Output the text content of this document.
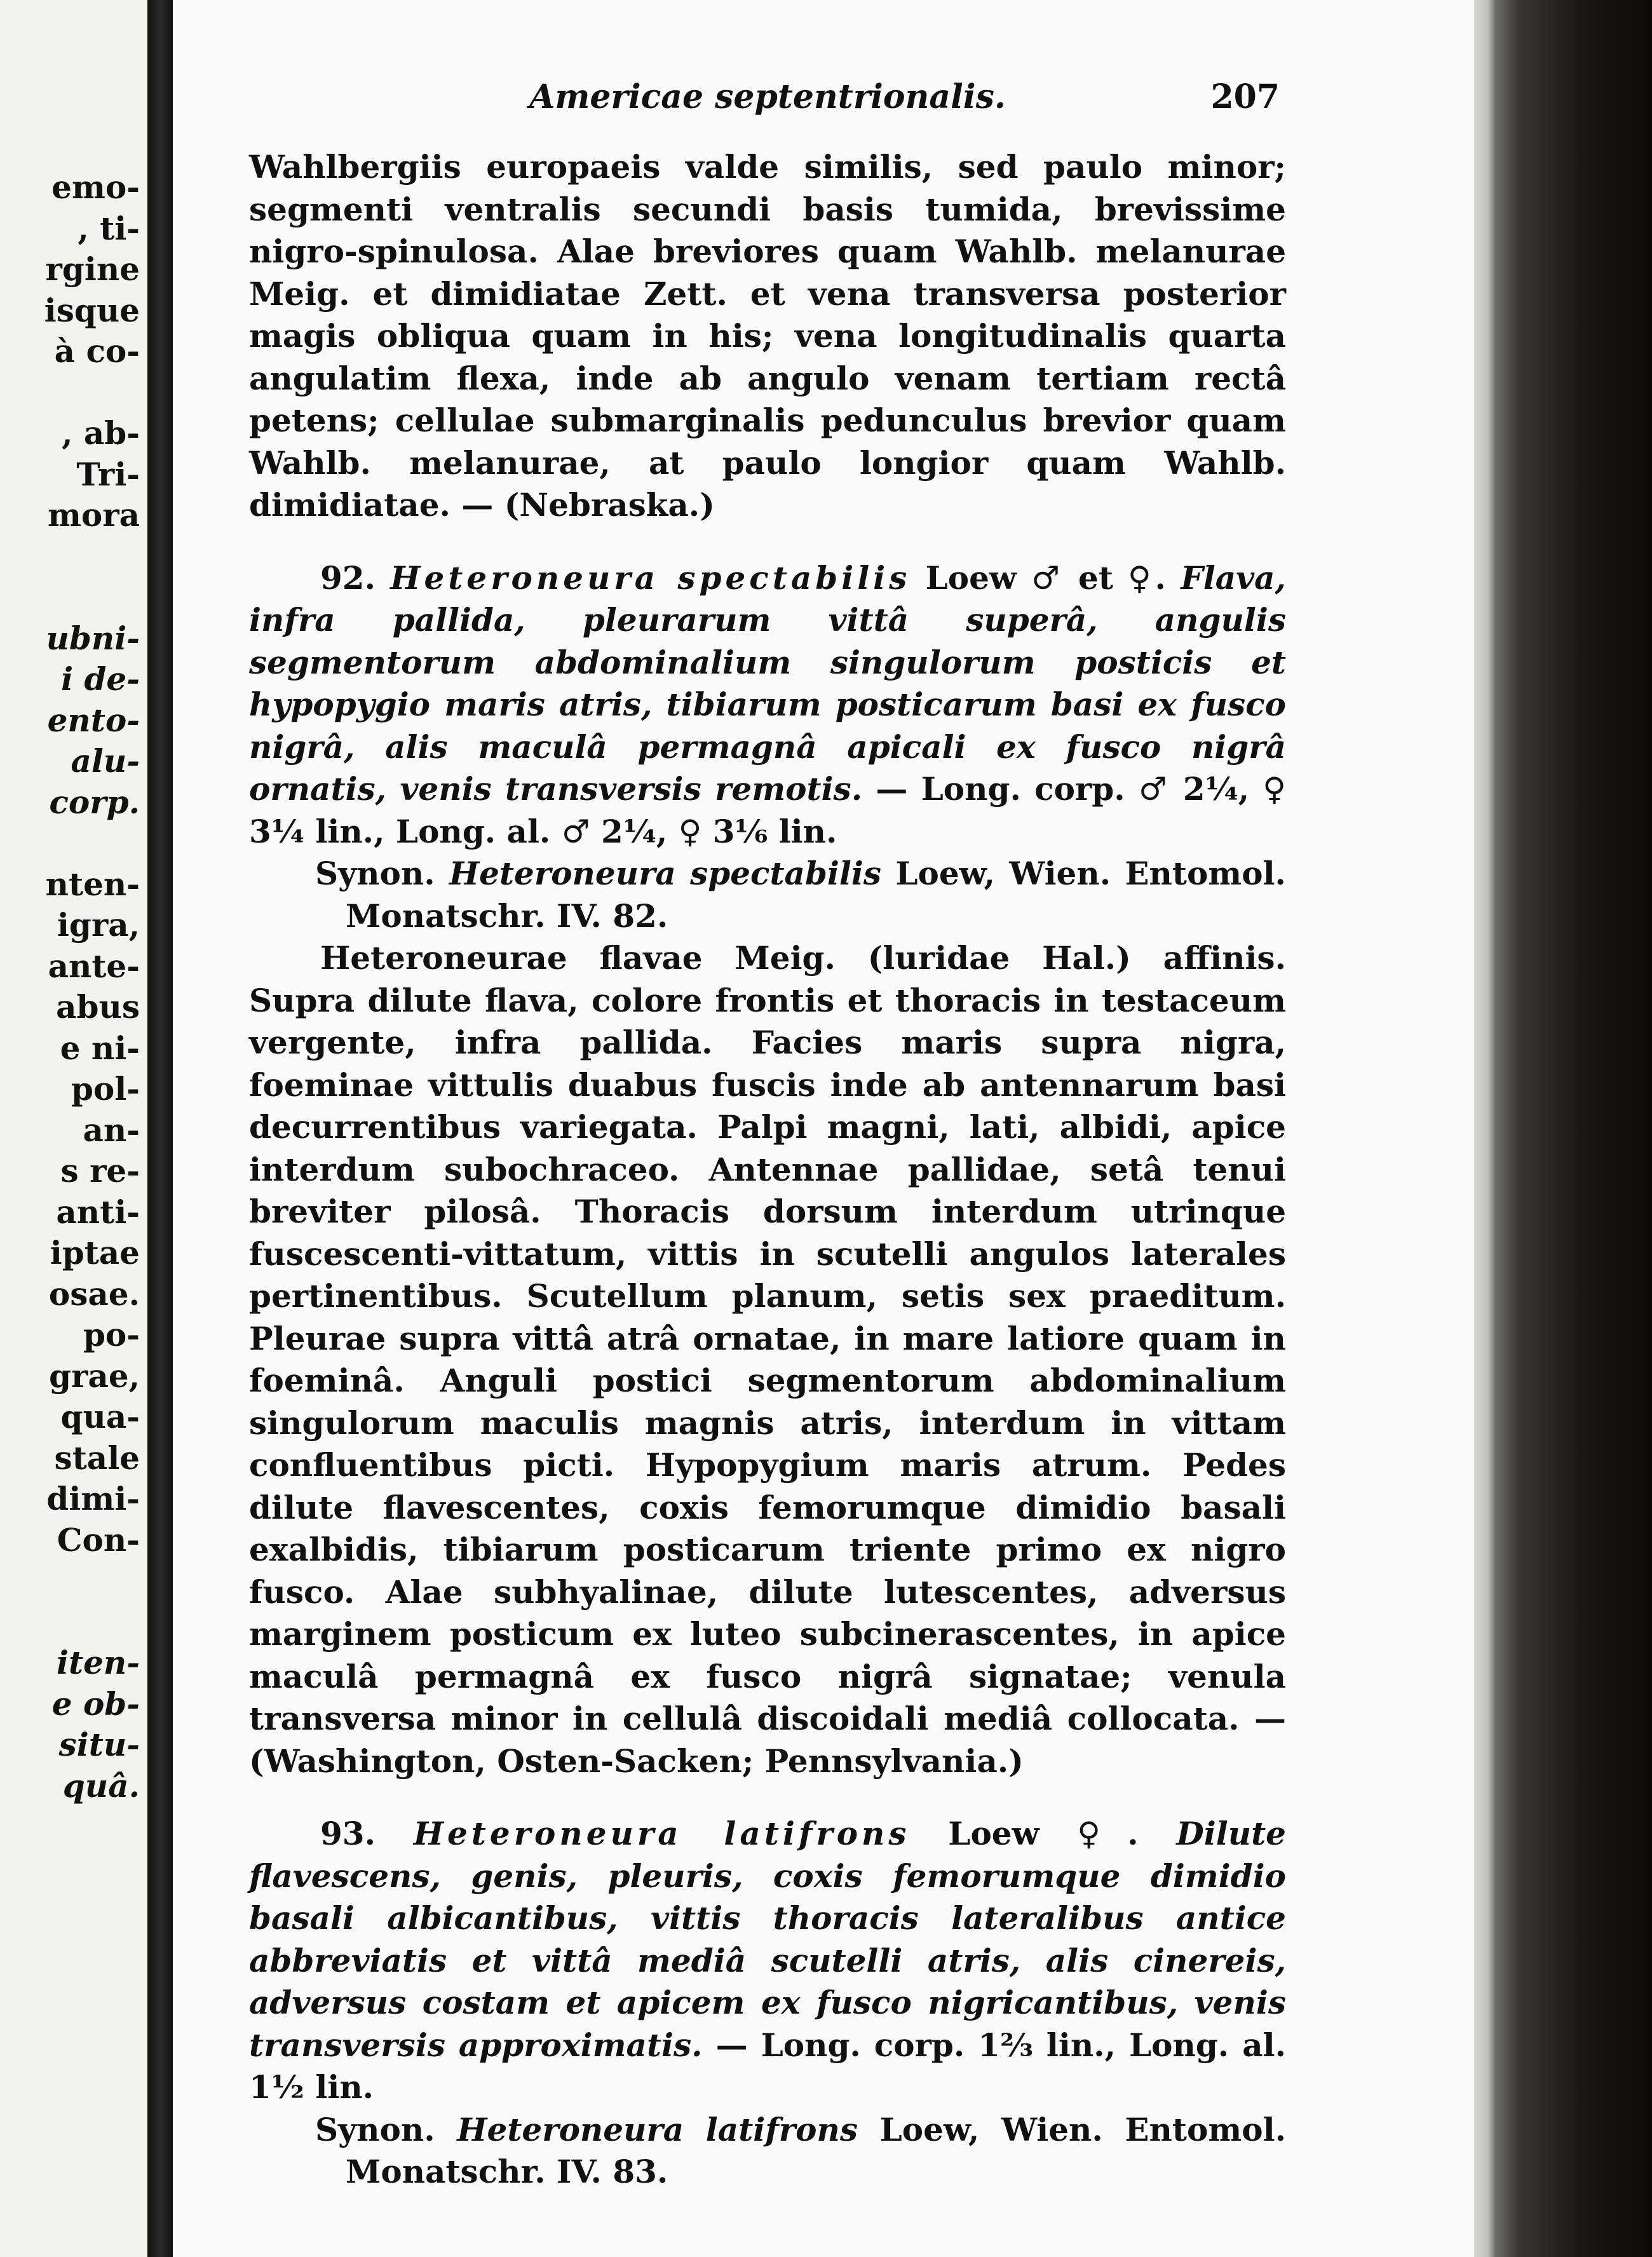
emo-
, ti-
rgine
isque
à co-
, ab-
Tri-
mora
ubni-
i de-
ento-
alu-
corp.
nten-
igra,
ante-
abus
e ni-
pol-
an-
s re-
anti-
iptae
osae.
po-
grae,
qua-
stale
dimi-
Con-
iten-
e ob-
situ-
quâ.
Americae septentrionalis.	207

Wahlbergiis europaeis valde similis, sed paulo minor; segmenti ventralis secundi basis tumida, brevissime nigro-spinulosa. Alae breviores quam Wahlb. melanurae Meig. et dimidiatae Zett. et vena transversa posterior magis obliqua quam in his; vena longitudinalis quarta angulatim flexa, inde ab angulo venam tertiam rectâ petens; cellulae submarginalis pedunculus brevior quam Wahlb. melanurae, at paulo longior quam Wahlb. dimidiatae. — (Nebraska.)

92. Heteroneura spectabilis Loew ♂ et ♀. Flava, infra pallida, pleurarum vittâ superâ, angulis segmentorum abdominalium singulorum posticis et hypopygio maris atris, tibiarum posticarum basi ex fusco nigrâ, alis maculâ permagnâ apicali ex fusco nigrâ ornatis, venis transversis remotis. — Long. corp. ♂ 2¼, ♀ 3¼ lin., Long. al. ♂ 2¼, ♀ 3⅙ lin.

Synon. Heteroneura spectabilis Loew, Wien. Entomol. Monatschr. IV. 82.

Heteroneurae flavae Meig. (luridae Hal.) affinis. Supra dilute flava, colore frontis et thoracis in testaceum vergente, infra pallida. Facies maris supra nigra, foeminae vittulis duabus fuscis inde ab antennarum basi decurrentibus variegata. Palpi magni, lati, albidi, apice interdum subochraceo. Antennae pallidae, setâ tenui breviter pilosâ. Thoracis dorsum interdum utrinque fuscescenti-vittatum, vittis in scutelli angulos laterales pertinentibus. Scutellum planum, setis sex praeditum. Pleurae supra vittâ atrâ ornatae, in mare latiore quam in foeminâ. Anguli postici segmentorum abdominalium singulorum maculis magnis atris, interdum in vittam confluentibus picti. Hypopygium maris atrum. Pedes dilute flavescentes, coxis femorumque dimidio basali exalbidis, tibiarum posticarum triente primo ex nigro fusco. Alae subhyalinae, dilute lutescentes, adversus marginem posticum ex luteo subcinerascentes, in apice maculâ permagnâ ex fusco nigrâ signatae; venula transversa minor in cellulâ discoidali mediâ collocata. — (Washington, Osten-Sacken; Pennsylvania.)

93. Heteroneura latifrons Loew ♀. Dilute flavescens, genis, pleuris, coxis femorumque dimidio basali albicantibus, vittis thoracis lateralibus antice abbreviatis et vittâ mediâ scutelli atris, alis cinereis, adversus costam et apicem ex fusco nigricantibus, venis transversis approximatis. — Long. corp. 1⅔ lin., Long. al. 1½ lin.

Synon. Heteroneura latifrons Loew, Wien. Entomol. Monatschr. IV. 83.
